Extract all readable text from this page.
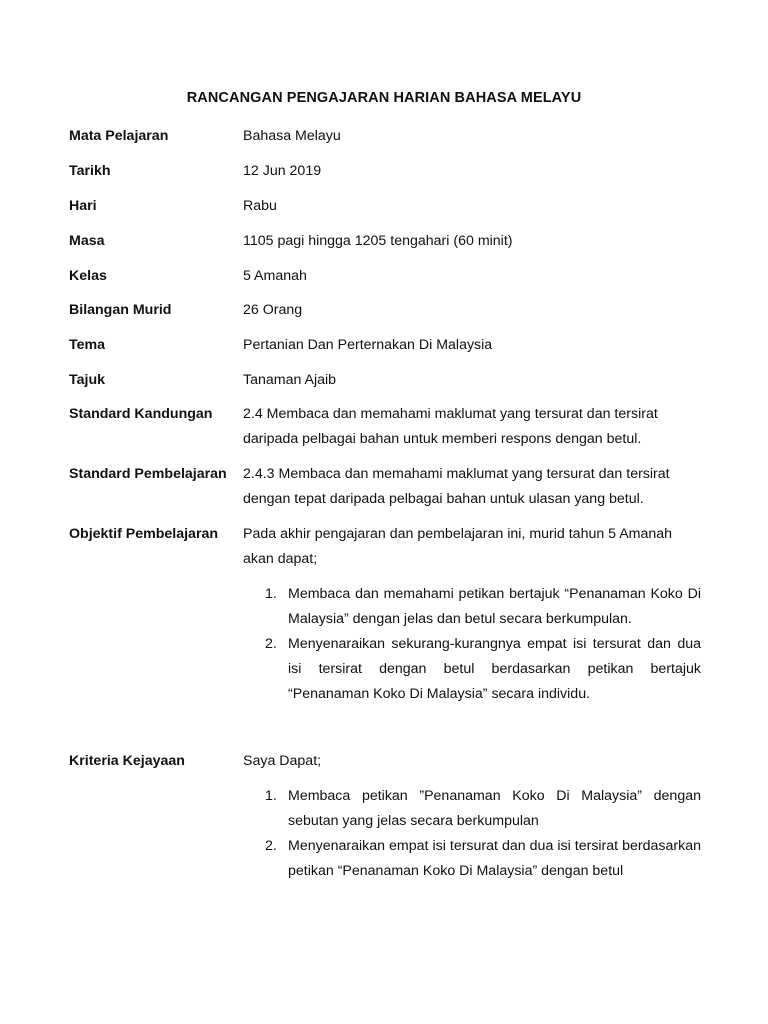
RANCANGAN PENGAJARAN HARIAN BAHASA MELAYU
Mata Pelajaran	Bahasa Melayu
Tarikh	12 Jun 2019
Hari	Rabu
Masa	1105 pagi hingga 1205 tengahari (60 minit)
Kelas	5 Amanah
Bilangan Murid	26 Orang
Tema	Pertanian Dan Perternakan Di Malaysia
Tajuk	Tanaman Ajaib
Standard Kandungan	2.4 Membaca dan memahami maklumat yang tersurat dan tersirat daripada pelbagai bahan untuk memberi respons dengan betul.
Standard Pembelajaran	2.4.3 Membaca dan memahami maklumat yang tersurat dan tersirat dengan tepat daripada pelbagai bahan untuk ulasan yang betul.
Objektif Pembelajaran	Pada akhir pengajaran dan pembelajaran ini, murid tahun 5 Amanah akan dapat;
1. Membaca dan memahami petikan bertajuk “Penanaman Koko Di Malaysia” dengan jelas dan betul secara berkumpulan.
2. Menyenaraikan sekurang-kurangnya empat isi tersurat dan dua isi tersirat dengan betul berdasarkan petikan bertajuk “Penanaman Koko Di Malaysia” secara individu.
Kriteria Kejayaan	Saya Dapat;
1. Membaca petikan ”Penanaman Koko Di Malaysia” dengan sebutan yang jelas secara berkumpulan
2. Menyenaraikan empat isi tersurat dan dua isi tersirat berdasarkan petikan “Penanaman Koko Di Malaysia” dengan betul
